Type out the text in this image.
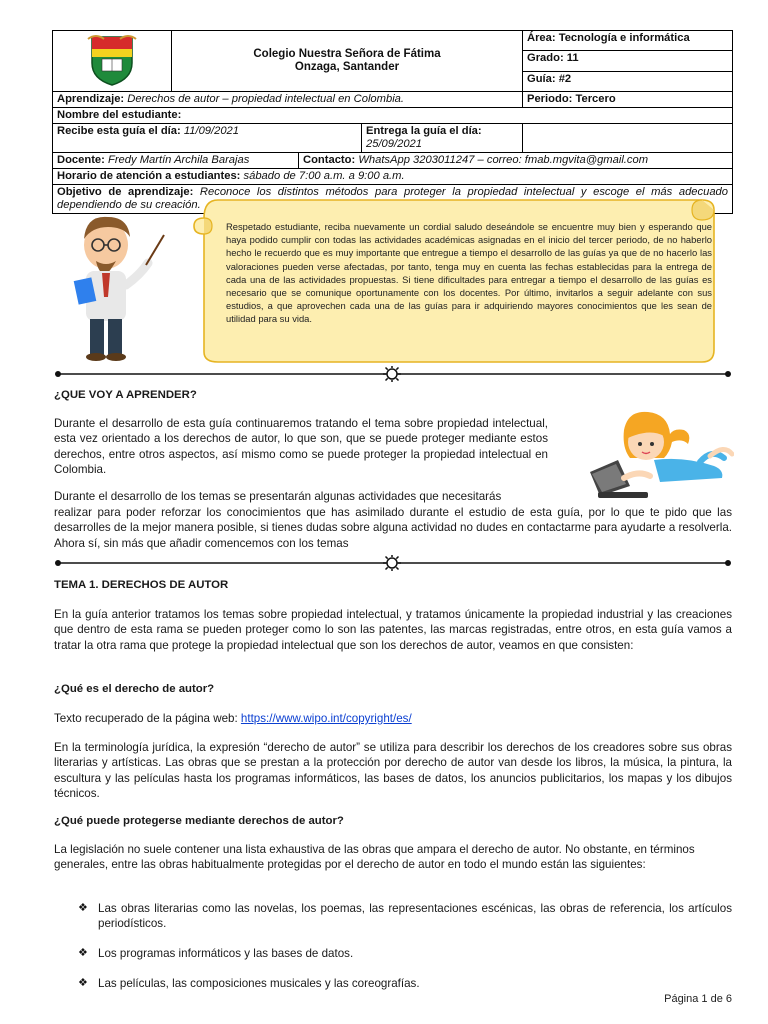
Colegio Nuestra Señora de Fátima
Onzaga, Santander
	Área: Tecnología e informática
Grado: 11
Guía: #2
Aprendizaje: Derechos de autor – propiedad intelectual en Colombia.	Periodo: Tercero
Nombre del estudiante:

Recibe esta guía el día: 11/09/2021	Entrega la guía el día: 25/09/2021

Docente: Fredy Martín Archila Barajas	Contacto: WhatsApp 3203011247 – correo: fmab.mgvita@gmail.com

Horario de atención a estudiantes: sábado de 7:00 a.m. a 9:00 a.m.
Objetivo de aprendizaje: Reconoce los distintos métodos para proteger la propiedad intelectual y escoge el más adecuado dependiendo de su creación.
Respetado estudiante, reciba nuevamente un cordial saludo deseándole se encuentre muy bien y esperando que haya podido cumplir con todas las actividades académicas asignadas en el inicio del tercer periodo, de no haberlo hecho le recuerdo que es muy importante que entregue a tiempo el desarrollo de las guías ya que de no hacerlo las valoraciones pueden verse afectadas, por tanto, tenga muy en cuenta las fechas establecidas para la entrega de cada una de las actividades propuestas. Si tiene dificultades para entregar a tiempo el desarrollo de las guías es necesario que se comunique oportunamente con los docentes. Por último, invitarlos a seguir adelante con sus estudios, a que aprovechen cada una de las guías para ir adquiriendo mayores conocimientos que les sean de utilidad para su vida.
¿QUE VOY A APRENDER?
Durante el desarrollo de esta guía continuaremos tratando el tema sobre propiedad intelectual, esta vez orientado a los derechos de autor, lo que son, que se puede proteger mediante estos derechos, entre otros aspectos, así mismo como se puede proteger la propiedad intelectual en Colombia.
Durante el desarrollo de los temas se presentarán algunas actividades que necesitarás
realizar para poder reforzar los conocimientos que has asimilado durante el estudio de esta guía, por lo que te pido que las desarrolles de la mejor manera posible, si tienes dudas sobre alguna actividad no dudes en contactarme para ayudarte a resolverla. Ahora sí, sin más que añadir comencemos con los temas
TEMA 1. DERECHOS DE AUTOR
En la guía anterior tratamos los temas sobre propiedad intelectual, y tratamos únicamente la propiedad industrial y las creaciones que dentro de esta rama se pueden proteger como lo son las patentes, las marcas registradas, entre otros, en esta guía vamos a tratar la otra rama que protege la propiedad intelectual que son los derechos de autor, veamos en que consisten:
¿Qué es el derecho de autor?
Texto recuperado de la página web: https://www.wipo.int/copyright/es/
En la terminología jurídica, la expresión “derecho de autor” se utiliza para describir los derechos de los creadores sobre sus obras literarias y artísticas. Las obras que se prestan a la protección por derecho de autor van desde los libros, la música, la pintura, la escultura y las películas hasta los programas informáticos, las bases de datos, los anuncios publicitarios, los mapas y los dibujos técnicos.
¿Qué puede protegerse mediante derechos de autor?
La legislación no suele contener una lista exhaustiva de las obras que ampara el derecho de autor. No obstante, en términos generales, entre las obras habitualmente protegidas por el derecho de autor en todo el mundo están las siguientes:
❖ Las obras literarias como las novelas, los poemas, las representaciones escénicas, las obras de referencia, los artículos periodísticos.
❖ Los programas informáticos y las bases de datos.
❖ Las películas, las composiciones musicales y las coreografías.
Página 1 de 6
